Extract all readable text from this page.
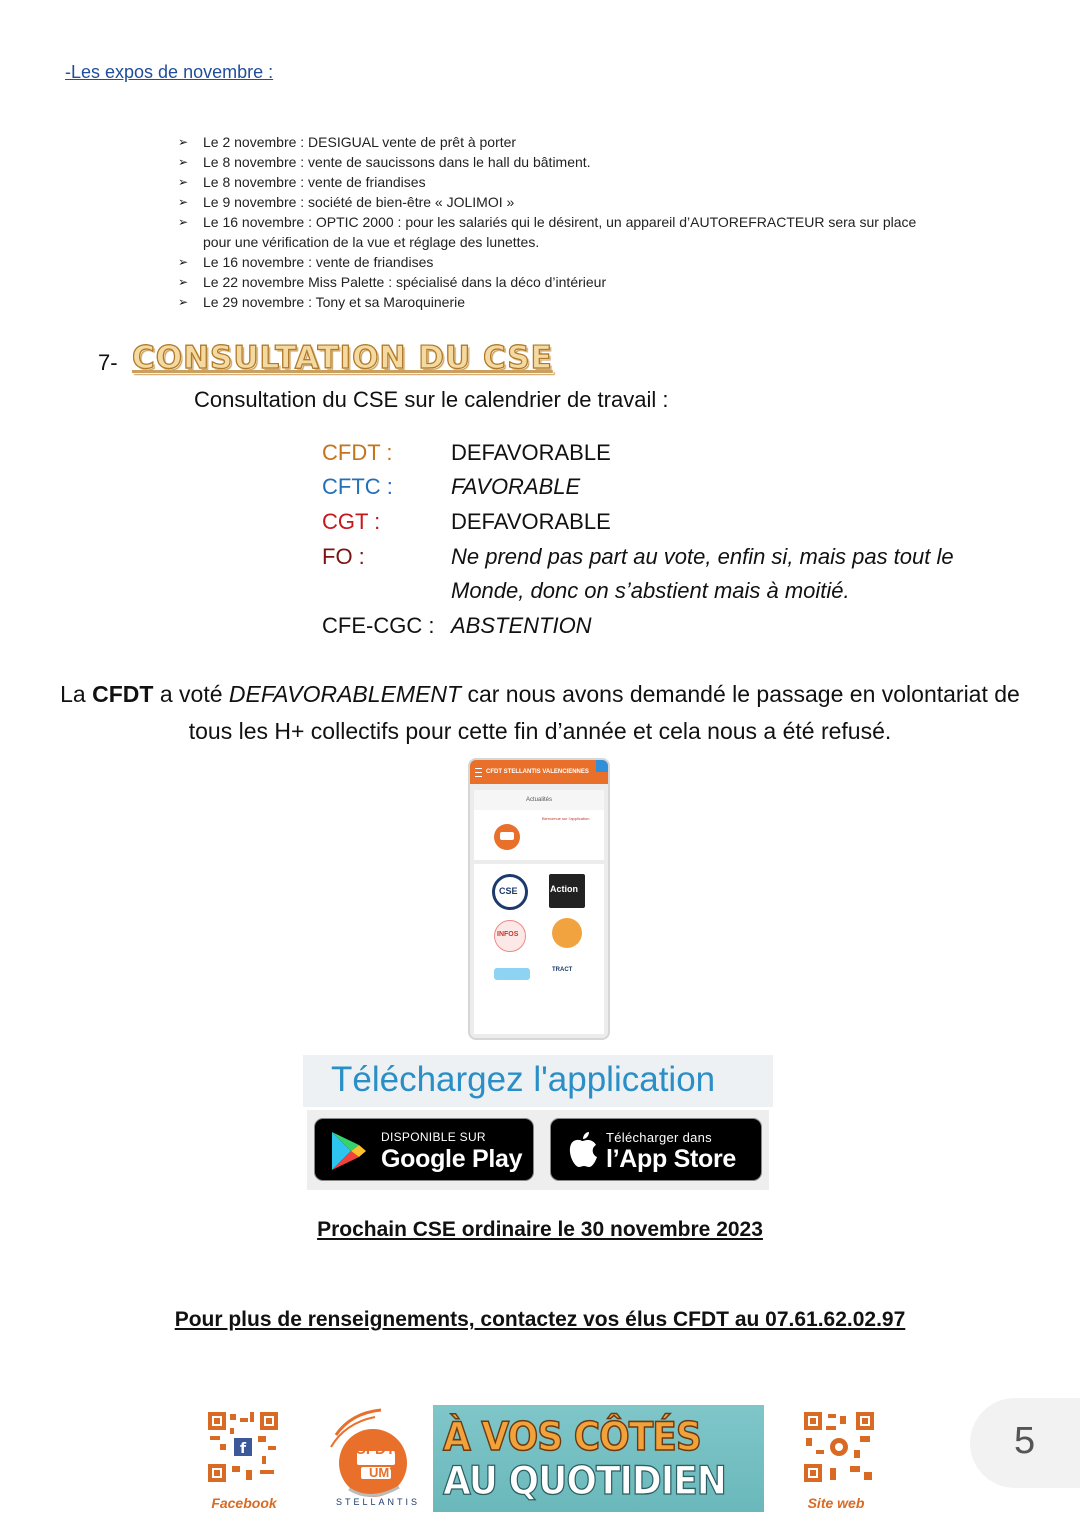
-Les expos de novembre :
➢ Le 2 novembre : DESIGUAL vente de prêt à porter
➢ Le 8 novembre : vente de saucissons dans le hall du bâtiment.
➢ Le 8 novembre : vente de friandises
➢ Le 9 novembre : société de bien-être « JOLIMOI »
➢ Le 16 novembre : OPTIC 2000 : pour les salariés qui le désirent, un appareil d’AUTOREFRACTEUR sera sur place pour une vérification de la vue et réglage des lunettes.
➢ Le 16 novembre : vente de friandises
➢ Le 22 novembre Miss Palette : spécialisé dans la déco d’intérieur
➢ Le 29 novembre : Tony et sa Maroquinerie
7- CONSULTATION DU CSE
Consultation du CSE sur le calendrier de travail :
CFDT :	DEFAVORABLE
CFTC :	FAVORABLE
CGT :	DEFAVORABLE
FO :	Ne prend pas part au vote, enfin si, mais pas tout le Monde, donc on s’abstient mais à moitié.
CFE-CGC : ABSTENTION
La CFDT a voté DEFAVORABLEMENT car nous avons demandé le passage en volontariat de tous les H+ collectifs pour cette fin d’année et cela nous a été refusé.
CFDT STELLANTIS VALENCIENNES
Actualités
Bienvenue sur l'application
CSE
Action
INFOS
TRACT
Téléchargez l'application
DISPONIBLE SUR
Google Play
Télécharger dans
l’App Store
Prochain CSE ordinaire le 30 novembre 2023
Pour plus de renseignements, contactez vos élus CFDT au 07.61.62.02.97
f
Facebook
CFDT:
UMY
STELLANTIS
À VOS CÔTÉS
AU QUOTIDIEN	Site web
5
